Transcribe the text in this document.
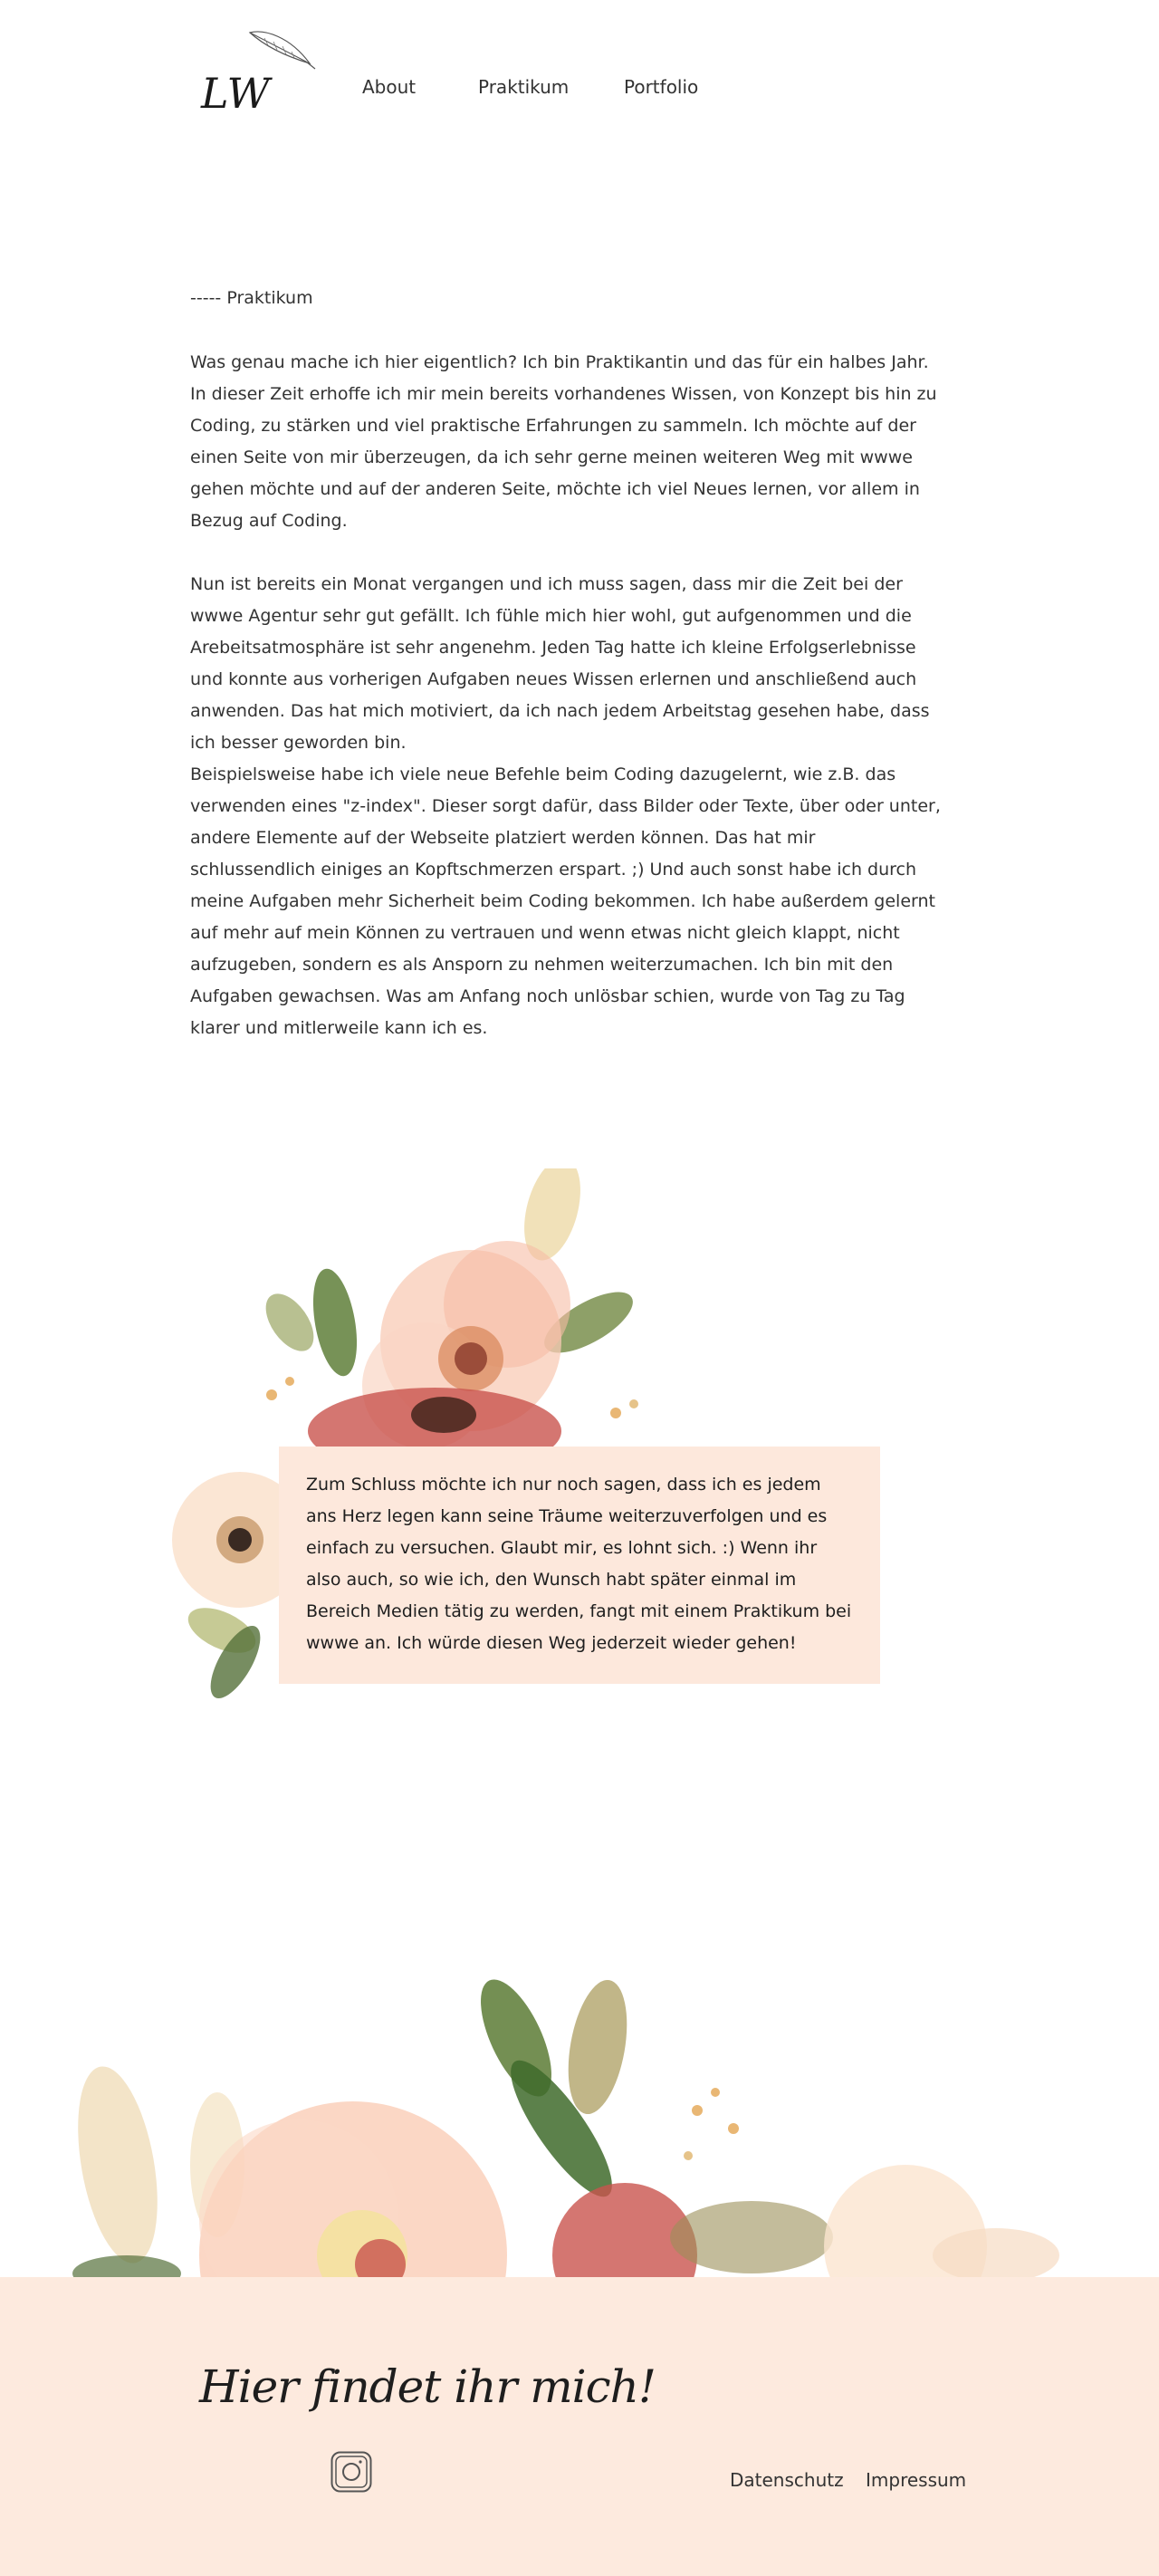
LW	About	Praktikum	Portfolio

----- Praktikum

Was genau mache ich hier eigentlich? Ich bin Praktikantin und das für ein halbes Jahr. In dieser Zeit erhoffe ich mir mein bereits vorhandenes Wissen, von Konzept bis hin zu Coding, zu stärken und viel praktische Erfahrungen zu sammeln. Ich möchte auf der einen Seite von mir überzeugen, da ich sehr gerne meinen weiteren Weg mit wwwe gehen möchte und auf der anderen Seite, möchte ich viel Neues lernen, vor allem in Bezug auf Coding.

Nun ist bereits ein Monat vergangen und ich muss sagen, dass mir die Zeit bei der wwwe Agentur sehr gut gefällt. Ich fühle mich hier wohl, gut aufgenommen und die Arebeitsatmosphäre ist sehr angenehm. Jeden Tag hatte ich kleine Erfolgserlebnisse und konnte aus vorherigen Aufgaben neues Wissen erlernen und anschließend auch anwenden. Das hat mich motiviert, da ich nach jedem Arbeitstag gesehen habe, dass ich besser geworden bin.

Beispielsweise habe ich viele neue Befehle beim Coding dazugelernt, wie z.B. das verwenden eines "z-index". Dieser sorgt dafür, dass Bilder oder Texte, über oder unter, andere Elemente auf der Webseite platziert werden können. Das hat mir schlussendlich einiges an Kopftschmerzen erspart. ;) Und auch sonst habe ich durch meine Aufgaben mehr Sicherheit beim Coding bekommen. Ich habe außerdem gelernt auf mehr auf mein Können zu vertrauen und wenn etwas nicht gleich klappt, nicht aufzugeben, sondern es als Ansporn zu nehmen weiterzumachen. Ich bin mit den Aufgaben gewachsen. Was am Anfang noch unlösbar schien, wurde von Tag zu Tag klarer und mitlerweile kann ich es.

Zum Schluss möchte ich nur noch sagen, dass ich es jedem ans Herz legen kann seine Träume weiterzuverfolgen und es einfach zu versuchen. Glaubt mir, es lohnt sich. :) Wenn ihr also auch, so wie ich, den Wunsch habt später einmal im Bereich Medien tätig zu werden, fangt mit einem Praktikum bei wwwe an. Ich würde diesen Weg jederzeit wieder gehen!
Hier findet ihr mich!
Datenschutz Impressum
